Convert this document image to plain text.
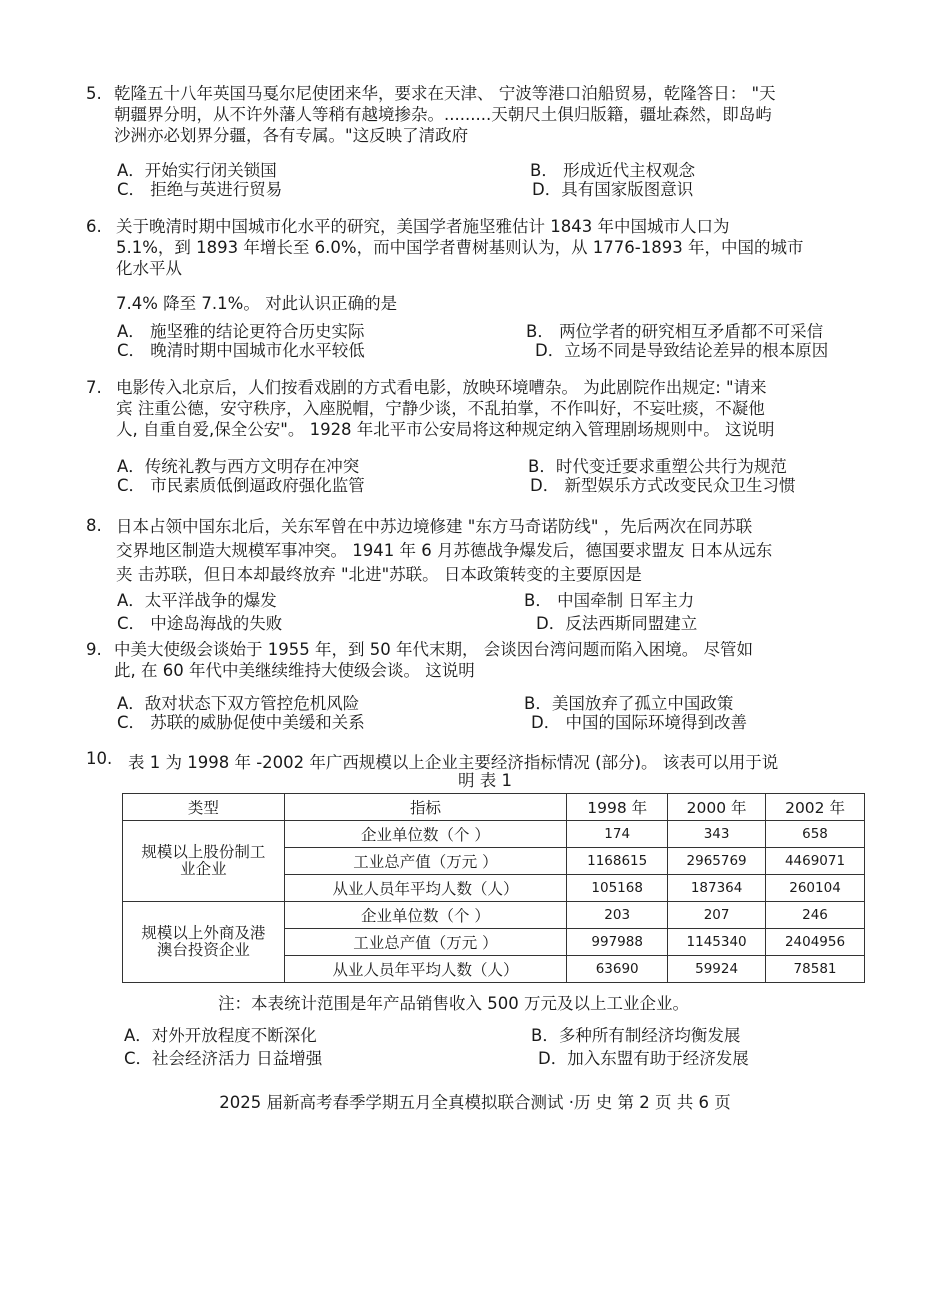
5. 乾隆五十八年英国马戛尔尼使团来华，要求在天津、 宁波等港口泊船贸易，乾隆答日： "天
朝疆界分明，从不许外藩人等稍有越境掺杂。.........天朝尺土俱归版籍，疆址森然，即岛屿
沙洲亦必划界分疆，各有专属。"这反映了清政府
A．开始实行闭关锁国	B． 形成近代主权观念
C． 拒绝与英进行贸易	D．具有国家版图意识
6. 关于晚清时期中国城市化水平的研究，美国学者施坚雅估计 1843 年中国城市人口为
5.1%，到 1893 年增长至 6.0%，而中国学者曹树基则认为，从 1776-1893 年，中国的城市
化水平从
7.4% 降至 7.1%。 对此认识正确的是
A． 施坚雅的结论更符合历史实际	B． 两位学者的研究相互矛盾都不可采信
C． 晚清时期中国城市化水平较低	D．立场不同是导致结论差异的根本原因
7. 电影传入北京后，人们按看戏剧的方式看电影，放映环境嘈杂。 为此剧院作出规定: "请来
宾 注重公德，安守秩序，入座脱帽，宁静少谈，不乱拍掌，不作叫好，不妄吐痰，不凝他
人, 自重自爱,保全公安"。 1928 年北平市公安局将这种规定纳入管理剧场规则中。 这说明
A．传统礼教与西方文明存在冲突	B．时代变迁要求重塑公共行为规范
C． 市民素质低倒逼政府强化监管	D． 新型娱乐方式改变民众卫生习惯
8. 日本占领中国东北后，关东军曾在中苏边境修建 "东方马奇诺防线" ，先后两次在同苏联
交界地区制造大规模军事冲突。 1941 年 6 月苏德战争爆发后，德国要求盟友 日本从远东
夹 击苏联，但日本却最终放弃 "北进"苏联。 日本政策转变的主要原因是
A．太平洋战争的爆发	B． 中国牵制 日军主力
C． 中途岛海战的失败	D．反法西斯同盟建立
9. 中美大使级会谈始于 1955 年，到 50 年代末期， 会谈因台湾问题而陷入困境。 尽管如
此, 在 60 年代中美继续维持大使级会谈。 这说明
A．敌对状态下双方管控危机风险	B．美国放弃了孤立中国政策
C． 苏联的威胁促使中美缓和关系	D． 中国的国际环境得到改善
10. 表 1 为 1998 年 -2002 年广西规模以上企业主要经济指标情况 (部分)。 该表可以用于说
明 表 1
类型	指标	1998 年	2000 年	2002 年

规模以上股份制工
业企业	企业单位数（个 ）	174	343	658
	工业总产值（万元 ）	1168615	2965769	4469071
	从业人员年平均人数（人）	105168	187364	260104

规模以上外商及港
澳台投资企业	企业单位数（个 ）	203	207	246
	工业总产值（万元 ）	997988	1145340	2404956
	从业人员年平均人数（人）	63690	59924	78581
注：本表统计范围是年产品销售收入 500 万元及以上工业企业。
A．对外开放程度不断深化	B．多种所有制经济均衡发展
C．社会经济活力 日益增强	D．加入东盟有助于经济发展
2025 届新高考春季学期五月全真模拟联合测试 ·历 史 第 2 页 共 6 页
